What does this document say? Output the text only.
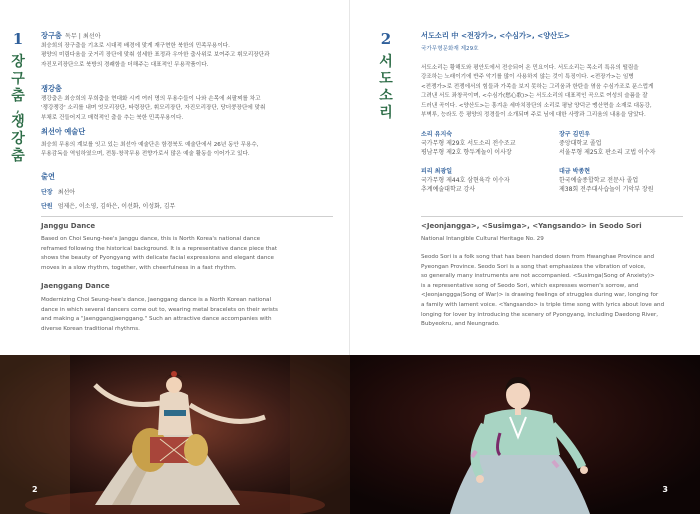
1
장
구
춤
,
쟁
강
춤
장구춤 독무 | 최선아
최승희의 장구춤을 기초로 시대적 배경에 맞게 재구현한 북한의 민족무용이다.
평양의 미림다움을 굿거리 장단에 맞춰 섬세한 표정과 우아한 춤사위로 보여주고 휘모리장단과
자진모리장단으로 북방의 경쾌함을 더해주는 대표적인 무용작품이다.
쟁강춤
쟁강춤은 최승희의 무희춤을 현대화 시켜 여러 명의 무용수들이 나와 손목에 쇠팔찌를 차고
'쟁강쟁강' 소리를 내며 엇모리장단, 타령장단, 휘모리장단, 자진모리장단, 당더쿵장단에 맞춰
부채로 건들어지고 매력적인 춤을 추는 북한 민족무용이다.
최선아 예술단
최승희 무용의 계보를 잇고 있는 최선아 예술단은 함경북도 예술단에서 26년 동안 무용수,
무용감독을 역임하였으며, 전통·창작무용 전향가로서 많은 예술 활동을 이어가고 있다.
출연
단장 최선아
단원 엄제은, 이소영, 김하은, 이선화, 이성화, 김무
Janggu Dance
Based on Choi Seung-hee's Janggu dance, this is North Korea's national dance
reframed following the historical background. It is a representative dance piece that
shows the beauty of Pyongyang with delicate facial expressions and elegant dance
moves in a slow rhythm, together, with cheerfulness in a fast rhythm.
Jaenggang Dance
Modernizing Choi Seung-hee's dance, Jaenggang dance is a North Korean national
dance in which several dancers come out to, wearing metal bracelets on their wrists
and making a "Jaenggangjaenggang." Such an attractive dance accompanies with
diverse Korean traditional rhythms.
2
2
서
도
소
리
서도소리 中 <전장가>, <수심가>, <양산도>
국가무형문화재 제29호
서도소리는 황해도와 평안도에서 전승되어 온 민요이다. 서도소리는 목소리 특유의 떨림을
강조하는 노래이기에 반주 악기를 많이 사용하지 않는 것이 특징이다. <전장가>는 임병
<전쟁가>로 전쟁에서의 힘들과 가족을 보지 못하는 그리움과 한탄을 엮음 수심가조로 푼스럽게
그려낸 서도 좌창곡이며, <수심가(愁心歌)>는 서도소리의 대표적인 곡으로 여성의 슬픔을 잘
드러낸 곡이다. <양산도>는 흥겨운 세마치장단의 소리로 평남 양덕군 맹산면을 소재로 대동강,
부벽루, 능라도 등 평양의 정경들이 소개되며 주로 님에 대한 사랑과 그리움의 내용을 담았다.
소리 유지숙
국가무형 제29호 서도소리 전수조교
평남무형 제2호 향두계놀이 이사장
장구 김민우
중앙대학교 졸업
서울무형 제25호 판소리 고법 이수자
피리 최광일
국가무형 제44호 삼현육각 이수자
추계예술대학교 강사
대금 박종현
한국예술종합학교 전문사 졸업
제38회 전주대사습놀이 기악부 장원
<Jeonjangga>, <Susimga>, <Yangsando> in Seodo Sori
National Intangible Cultural Heritage No. 29
Seodo Sori is a folk song that has been handed down from Hwanghae Province and
Pyeongan Province. Seodo Sori is a song that emphasizes the vibration of voice,
so generally many instruments are not accompanied. <Susimga(Song of Anxiety)>
is a representative song of Seodo Sori, which expresses women's sorrow, and
<Jeonjanggga(Song of War)> is drawing feelings of struggles during war, longing for
a family with lament voice. <Yangsando> is triple time song with lyrics about love and
longing for lover by introducing the scenery of Pyongyang, including Daedong River,
Bubyeokru, and Neungrado.
3
